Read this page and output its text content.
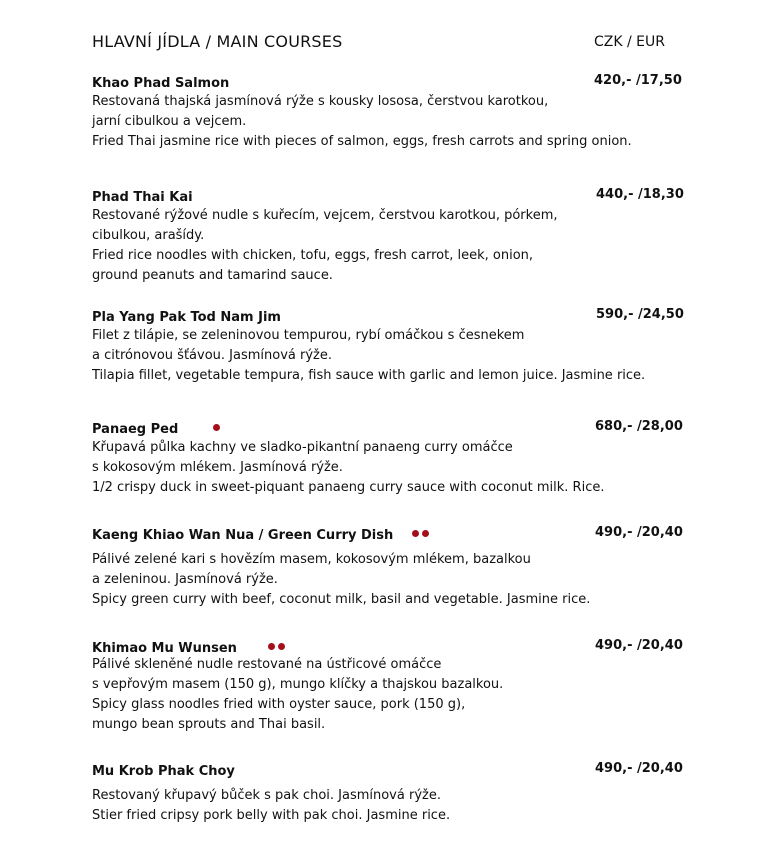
HLAVNÍ JÍDLA / MAIN COURSES	CZK / EUR
Khao Phad Salmon	420,- /17,50
Restovaná thajská jasmínová rýže s kousky lososa, čerstvou karotkou,
jarní cibulkou a vejcem.
Fried Thai jasmine rice with pieces of salmon, eggs, fresh carrots and spring onion.
Phad Thai Kai	440,- /18,30
Restované rýžové nudle s kuřecím, vejcem, čerstvou karotkou, pórkem,
cibulkou, arašídy.
Fried rice noodles with chicken, tofu, eggs, fresh carrot, leek, onion,
ground peanuts and tamarind sauce.
Pla Yang Pak Tod Nam Jim	590,- /24,50
Filet z tilápie, se zeleninovou tempurou, rybí omáčkou s česnekem
a citrónovou šťávou. Jasmínová rýže.
Tilapia fillet, vegetable tempura, fish sauce with garlic and lemon juice. Jasmine rice.
Panaeg Ped	680,- /28,00
Křupavá půlka kachny ve sladko-pikantní panaeng curry omáčce
s kokosovým mlékem. Jasmínová rýže.
1/2 crispy duck in sweet-piquant panaeng curry sauce with coconut milk. Rice.
Kaeng Khiao Wan Nua / Green Curry Dish	490,- /20,40
Pálivé zelené kari s hovězím masem, kokosovým mlékem, bazalkou
a zeleninou. Jasmínová rýže.
Spicy green curry with beef, coconut milk, basil and vegetable. Jasmine rice.
Khimao Mu Wunsen	490,- /20,40
Pálivé skleněné nudle restované na ústřicové omáčce
s vepřovým masem (150 g), mungo klíčky a thajskou bazalkou.
Spicy glass noodles fried with oyster sauce, pork (150 g),
mungo bean sprouts and Thai basil.
Mu Krob Phak Choy	490,- /20,40
Restovaný křupavý bůček s pak choi. Jasmínová rýže.
Stier fried cripsy pork belly with pak choi. Jasmine rice.
